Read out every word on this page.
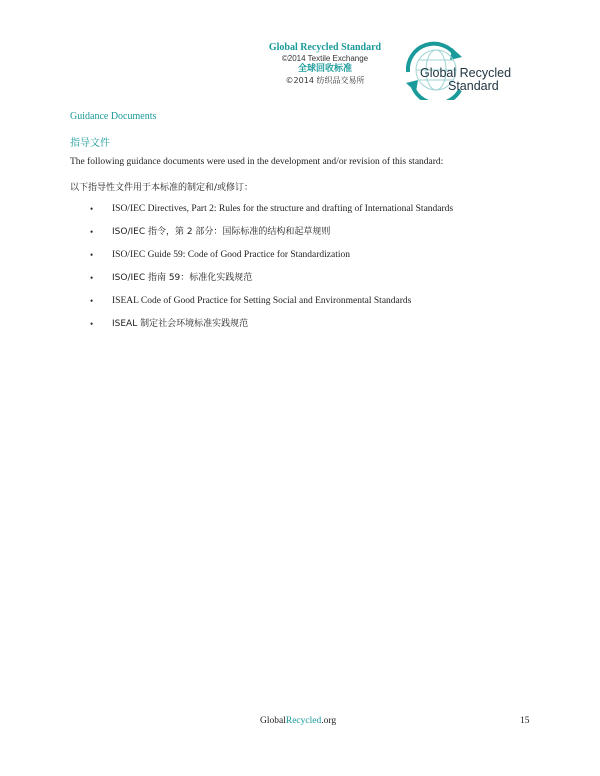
Global Recycled Standard
©2014 Textile Exchange
全球回收标准
©2014 纺织品交易所
Global Recycled
Standard
Guidance Documents
指导文件
The following guidance documents were used in the development and/or revision of this standard:
以下指导性文件用于本标准的制定和/或修订：
• ISO/IEC Directives, Part 2: Rules for the structure and drafting of International Standards
• ISO/IEC 指令，第 2 部分：国际标准的结构和起草规则
• ISO/IEC Guide 59: Code of Good Practice for Standardization
• ISO/IEC 指南 59：标准化实践规范
• ISEAL Code of Good Practice for Setting Social and Environmental Standards
• ISEAL 制定社会环境标准实践规范
GlobalRecycled.org	15
